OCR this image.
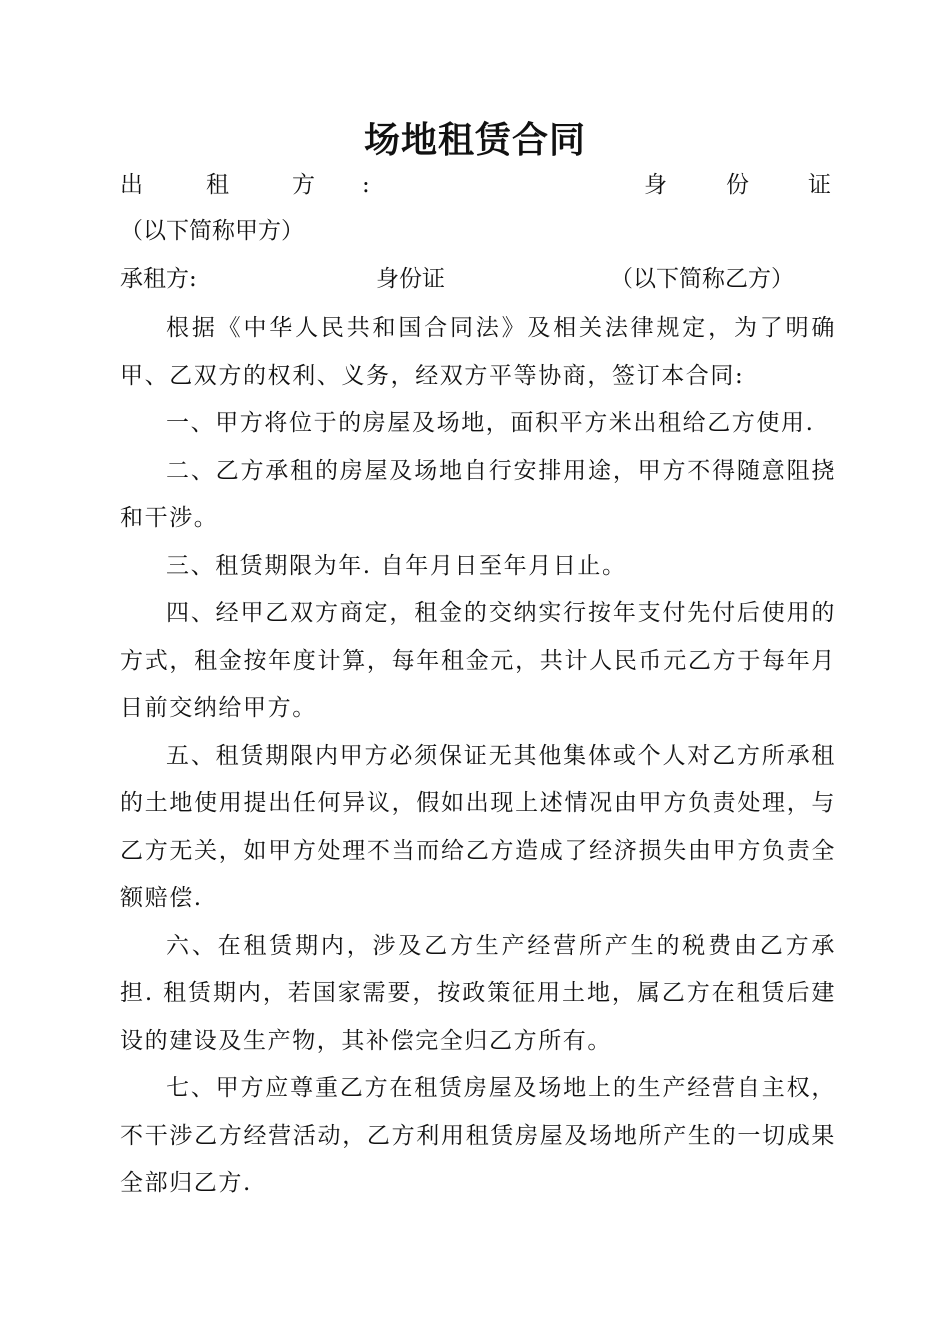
场地租赁合同
出	租	方 :	身	份	证
（以下简称甲方）
承租方:	身份证	（以下简称乙方）

根据《中华人民共和国合同法》及相关法律规定，为了明确甲、乙双方的权利、义务，经双方平等协商，签订本合同:

一、甲方将位于的房屋及场地，面积平方米出租给乙方使用.

二、乙方承租的房屋及场地自行安排用途，甲方不得随意阻挠和干涉。

三、租赁期限为年. 自年月日至年月日止。

四、经甲乙双方商定，租金的交纳实行按年支付先付后使用的方式，租金按年度计算，每年租金元，共计人民币元乙方于每年月日前交纳给甲方。

五、租赁期限内甲方必须保证无其他集体或个人对乙方所承租的土地使用提出任何异议，假如出现上述情况由甲方负责处理，与乙方无关，如甲方处理不当而给乙方造成了经济损失由甲方负责全额赔偿.

六、在租赁期内，涉及乙方生产经营所产生的税费由乙方承担. 租赁期内，若国家需要，按政策征用土地，属乙方在租赁后建设的建设及生产物，其补偿完全归乙方所有。

七、甲方应尊重乙方在租赁房屋及场地上的生产经营自主权，不干涉乙方经营活动，乙方利用租赁房屋及场地所产生的一切成果全部归乙方.
